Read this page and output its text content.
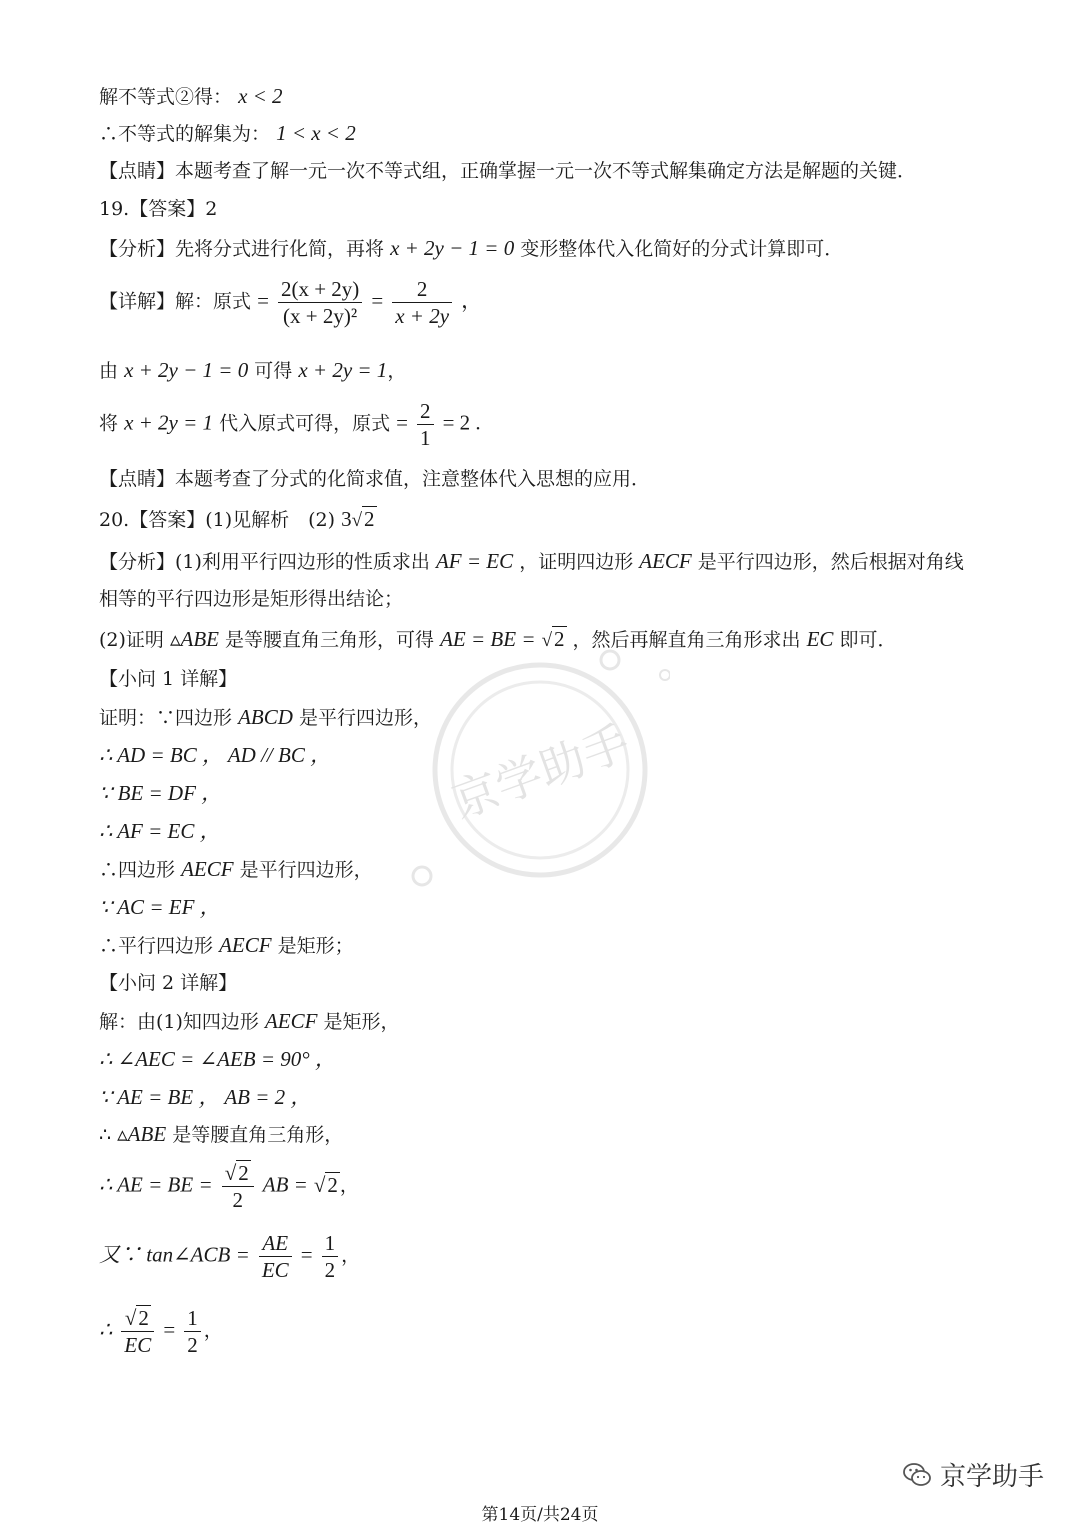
解不等式②得： x < 2
∴不等式的解集为： 1 < x < 2
【点睛】本题考查了解一元一次不等式组，正确掌握一元一次不等式解集确定方法是解题的关键．
19.【答案】2
【分析】先将分式进行化简，再将 x + 2y − 1 = 0 变形整体代入化简好的分式计算即可．
【详解】解：原式 = $\frac{2(x + 2y)}{\text{(x + 2y)²}} = \frac{2}{x + 2y}$ ，
由 x + 2y − 1 = 0 可得 x + 2y = 1，
将 x + 2y = 1 代入原式可得，原式 = $\frac{2}{1} = 2$ .
【点睛】本题考查了分式的化简求值，注意整体代入思想的应用．
20.【答案】(1)见解析　(2) 3√2
【分析】(1)利用平行四边形的性质求出 AF = EC ，证明四边形 AECF 是平行四边形，然后根据对角线
相等的平行四边形是矩形得出结论；
(2)证明 ▵ABE 是等腰直角三角形，可得 AE = BE = √2 ，然后再解直角三角形求出 EC 即可．
【小问 1 详解】
证明：∵四边形 ABCD 是平行四边形，
∴ AD = BC ， AD // BC ，
∵ BE = DF ，
∴ AF = EC ，
∴四边形 AECF 是平行四边形，
∵ AC = EF ，
∴平行四边形 AECF 是矩形；
【小问 2 详解】
解：由(1)知四边形 AECF 是矩形，
∴ ∠AEC = ∠AEB = 90° ，
∵ AE = BE ， AB = 2 ，
∴ ▵ABE 是等腰直角三角形，
∴ AE = BE = $\frac{√2}{2}$ AB = √2 ，
又∵ tan∠ACB = $\frac{AE}{EC} = \frac{1}{2}$ ，
∴ $\frac{√2}{EC} = \frac{1}{2}$ ，
京学助手
京学助手
第14页/共24页
